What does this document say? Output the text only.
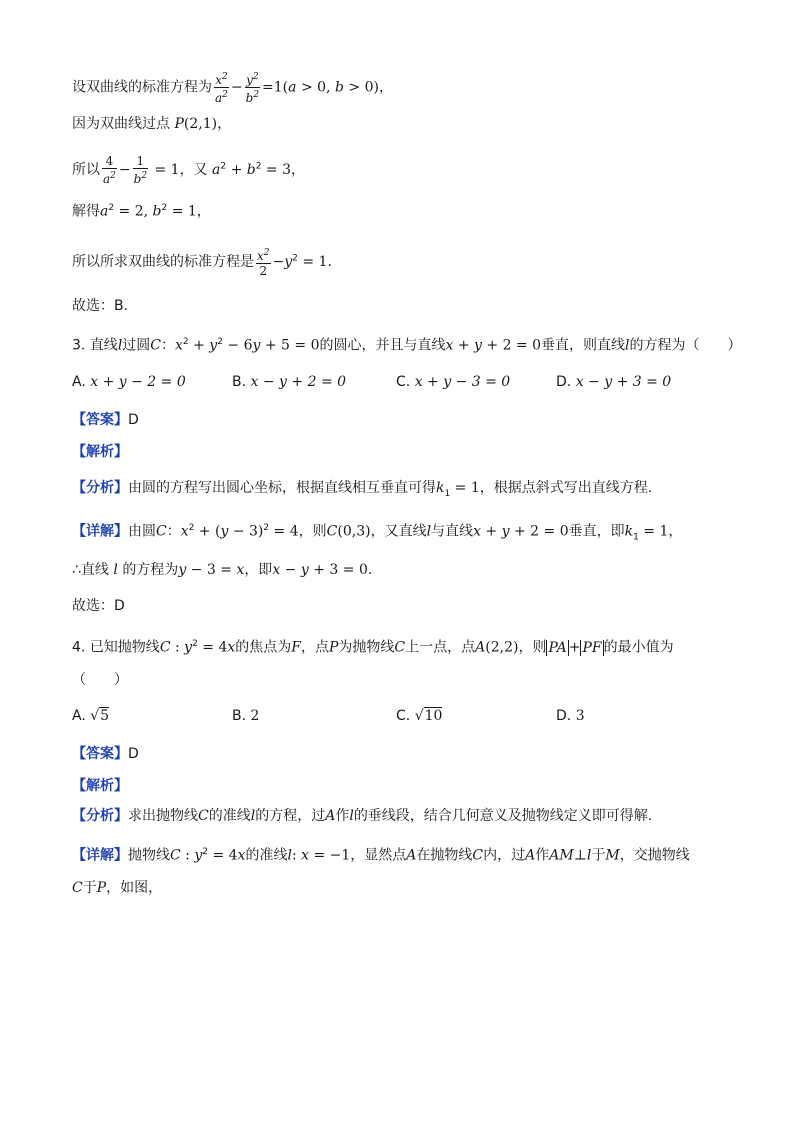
设双曲线的标准方程为 $\frac{x^2}{a^2} - \frac{y^2}{b^2} =1(a > 0$, b > 0)，
因为双曲线过点 P(2,1)，
所以 $\frac{4}{a^2} - \frac{1}{b^2} = 1$，又 $a^2 + b^2 = 3$，
解得$a^2 = 2$, $b^2 = 1$，
所以所求双曲线的标准方程是 $\frac{x^2}{2} -y^2 = 1$.
故选：B.
3. 直线l过圆C：$x^2 + y^2 - 6y + 5 = 0$的圆心，并且与直线x + y + 2 = 0垂直，则直线l的方程为（　　）
A. x + y − 2 = 0	B. x − y + 2 = 0	C. x + y − 3 = 0	D. x − y + 3 = 0
【答案】D
【解析】
【分析】由圆的方程写出圆心坐标，根据直线相互垂直可得$k_1 = 1$，根据点斜式写出直线方程.
【详解】由圆C：$x^2 + (y - 3)^2 = 4$，则C(0,3)，又直线l与直线x + y + 2 = 0垂直，即$k_1 = 1$，
∴直线 l 的方程为y − 3 = x，即x − y + 3 = 0.
故选：D
4. 已知抛物线C : $y^2 = 4x$的焦点为F，点P为抛物线C上一点，点A(2,2)，则 PA + PF 的最小值为
（　　）
A. √5	B. 2	C. √10	D. 3
【答案】D
【解析】
【分析】求出抛物线C的准线l的方程，过A作l的垂线段，结合几何意义及抛物线定义即可得解.
【详解】抛物线C : $y^2 = 4x$的准线l: x = −1，显然点A在抛物线C内，过A作AM⊥l于M，交抛物线
C于P，如图，
